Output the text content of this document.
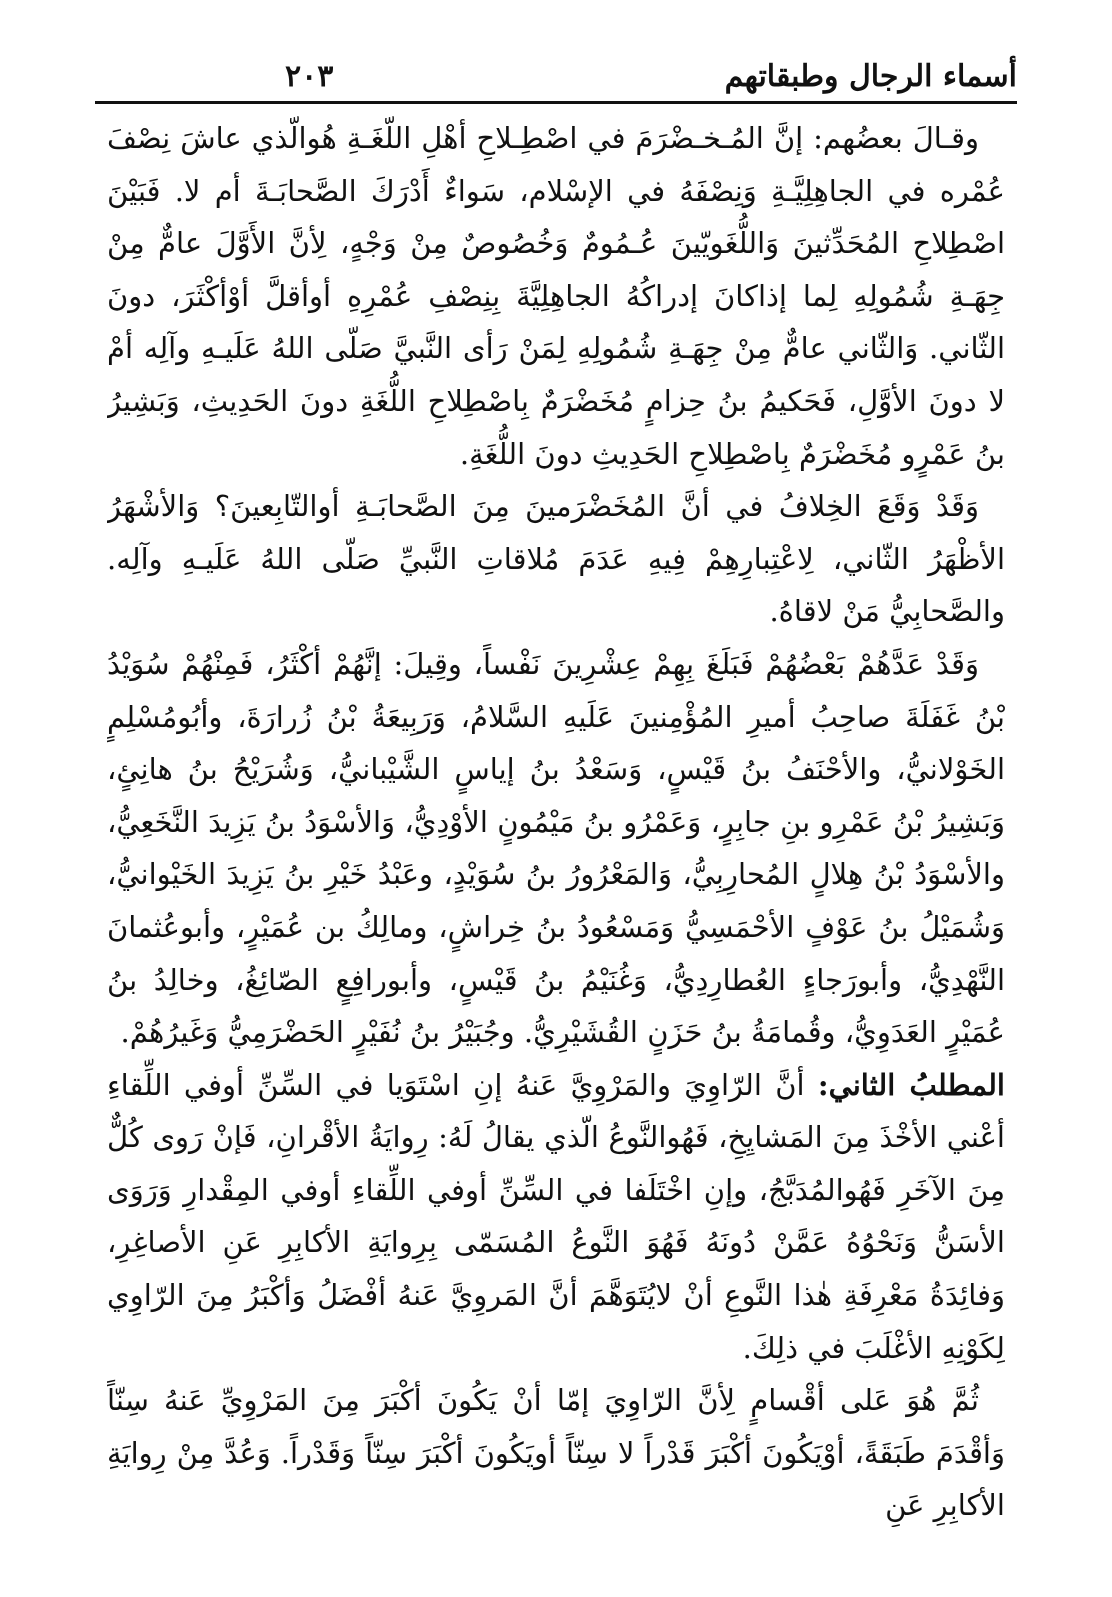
أسماء الرجال وطبقاتهم
٢٠٣

وقـالَ بعضُهم: إنَّ المُـخـضْرَمَ في اصْطِـلاحِ أهْلِ اللّغَـةِ هُوالّذي عاشَ نِصْفَ عُمْره في الجاهِلِيَّـةِ وَنِصْفَهُ في الإسْلام، سَواءٌ أَدْرَكَ الصَّحابَـةَ أم لا. فَبَيْنَ اصْطِلاحِ المُحَدِّثينَ وَاللُّغَويّينَ عُـمُومٌ وَخُصُوصٌ مِنْ وَجْهٍ، لِأنَّ الأَوَّلَ عامٌّ مِنْ جِهَـةِ شُمُولِهِ لِما إذاكانَ إدراكُهُ الجاهِلِيَّةَ بِنِصْفِ عُمْرِهِ أوأقلَّ أوْأكْثَرَ، دونَ الثّاني. وَالثّاني عامٌّ مِنْ جِهَـةِ شُمُولِهِ لِمَنْ رَأى النَّبيَّ صَلّى اللهُ عَلَيـهِ وآلِه أمْ لا دونَ الأوَّلِ، فَحَكيمُ بنُ حِزامٍ مُخَضْرَمٌ بِاصْطِلاحِ اللُّغَةِ دونَ الحَدِيثِ، وَبَشِيرُ بنُ عَمْرٍو مُخَضْرَمٌ بِاصْطِلاحِ الحَدِيثِ دونَ اللُّغَةِ.

وَقَدْ وَقَعَ الخِلافُ في أنَّ المُخَضْرَمينَ مِنَ الصَّحابَـةِ أوالتّابِعينَ؟ وَالأشْهَرُ الأظْهَرُ الثّاني، لِاعْتِبارِهِمْ فِيهِ عَدَمَ مُلاقاتِ النَّبيِّ صَلّى اللهُ عَلَيـهِ وآلِه. والصَّحابِيُّ مَنْ لاقاهُ.

وَقَدْ عَدَّهُمْ بَعْضُهُمْ فَبَلَغَ بِهِمْ عِشْرِينَ نَفْساً، وقِيلَ: إنَّهُمْ أكْثَرُ، فَمِنْهُمْ سُوَيْدُ بْنُ غَفَلَةَ صاحِبُ أميرِ المُؤْمِنينَ عَلَيهِ السَّلامُ، وَرَبِيعَةُ بْنُ زُرارَةَ، وأبُومُسْلِمٍ الخَوْلانيُّ، والأحْنَفُ بنُ قَيْسٍ، وَسَعْدُ بنُ إياسٍ الشَّيْبانيُّ، وَشُرَيْحُ بنُ هانِئٍ، وَبَشِيرُ بْنُ عَمْرِو بنِ جابِرٍ، وَعَمْرُو بنُ مَيْمُونٍ الأوْدِيُّ، وَالأسْوَدُ بنُ يَزِيدَ النَّخَعِيُّ، والأسْوَدُ بْنُ هِلالٍ المُحارِبِيُّ، وَالمَعْرُورُ بنُ سُوَيْدٍ، وعَبْدُ خَيْرِ بنُ يَزِيدَ الخَيْوانيُّ، وَشُمَيْلُ بنُ عَوْفٍ الأحْمَسِيُّ وَمَسْعُودُ بنُ خِراشٍ، ومالِكُ بن عُمَيْرٍ، وأبوعُثمانَ النَّهْدِيُّ، وأبورَجاءٍ العُطارِدِيُّ، وَغُنَيْمُ بنُ قَيْسٍ، وأبورافِعٍ الصّائِغُ، وخالِدُ بنُ عُمَيْرٍ العَدَوِيُّ، وقُمامَةُ بنُ حَزَنٍ القُشَيْرِيُّ. وجُبَيْرُ بنُ نُفَيْرٍ الحَضْرَمِيُّ وَغَيرُهُمْ.

المطلبُ الثاني: أنَّ الرّاوِيَ والمَرْوِيَّ عَنهُ إنِ اسْتَوَيا في السِّنِّ أوفي اللِّقاءِ أعْني الأخْذَ مِنَ المَشايِخِ، فَهُوالنَّوعُ الّذي يقالُ لَهُ: رِوايَةُ الأقْرانِ، فَإنْ رَوى كُلٌّ مِنَ الآخَرِ فَهُوالمُدَبَّجُ، وإنِ اخْتَلَفا في السِّنِّ أوفي اللِّقاءِ أوفي المِقْدارِ وَرَوَى الأسَنُّ وَنَحْوُهُ عَمَّنْ دُونَهُ فَهُوَ النَّوعُ المُسَمّى بِرِوايَةِ الأكابِرِ عَنِ الأصاغِرِ، وَفائِدَةُ مَعْرِفَةِ هٰذا النَّوعِ أنْ لايُتَوَهَّمَ أنَّ المَروِيَّ عَنهُ أفْضَلُ وَأكْبَرُ مِنَ الرّاوِي لِكَوْنِهِ الأغْلَبَ في ذلِكَ.

ثُمَّ هُوَ عَلى أقْسامٍ لِأنَّ الرّاوِيَ إمّا أنْ يَكُونَ أكْبَرَ مِنَ المَرْوِيِّ عَنهُ سِنّاً وَأقْدَمَ طَبَقَةً، أوْيَكُونَ أكْبَرَ قَدْراً لا سِنّاً أويَكُونَ أكْبَرَ سِنّاً وَقَدْراً. وَعُدَّ مِنْ رِوايَةِ الأكابِرِ عَنِ
